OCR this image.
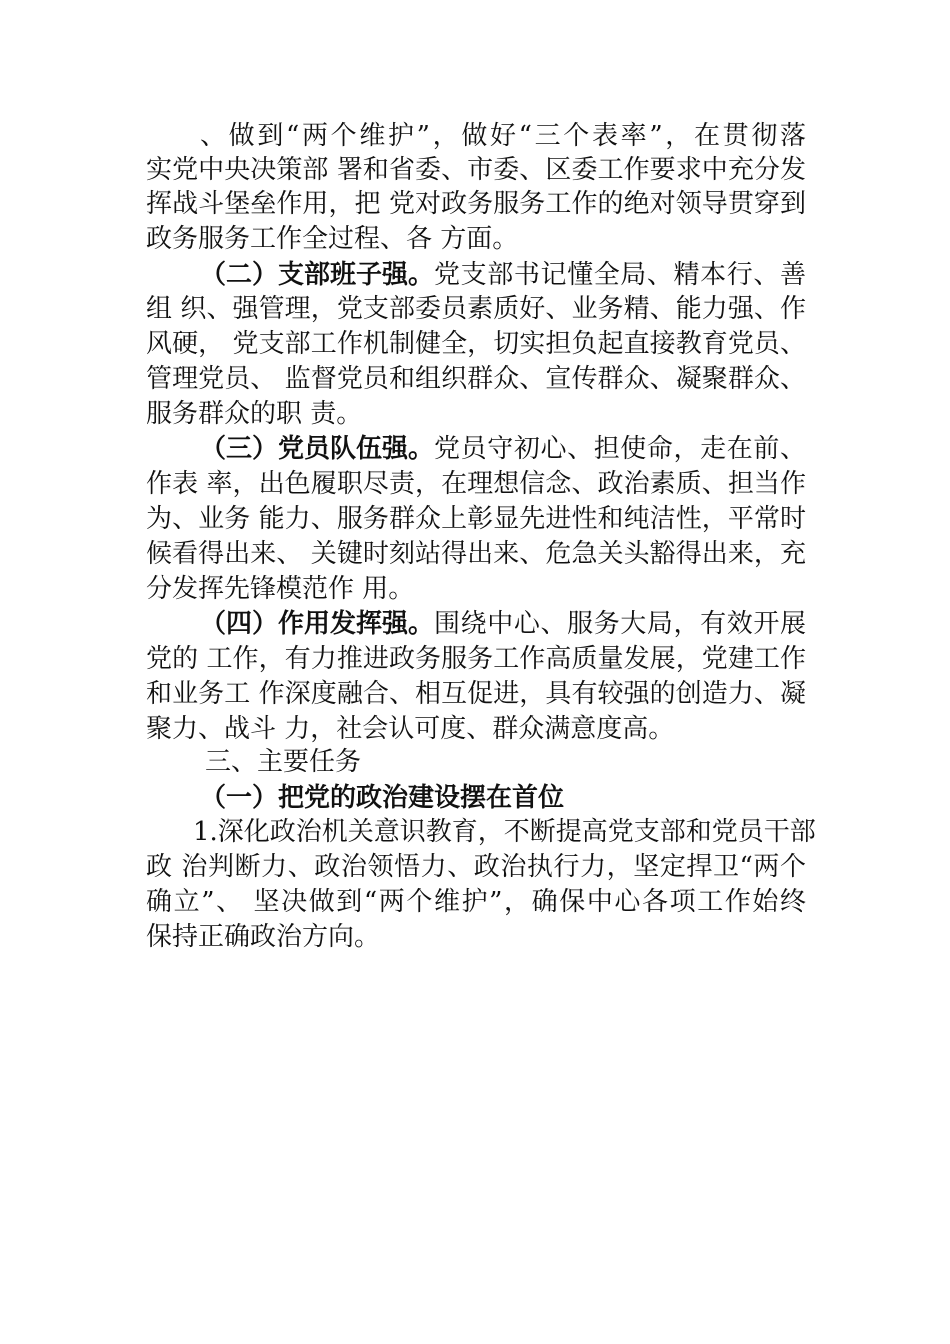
、做到“两个维护”，做好“三个表率”，在贯彻落
实党中央决策部 署和省委、市委、区委工作要求中充分发
挥战斗堡垒作用，把 党对政务服务工作的绝对领导贯穿到
政务服务工作全过程、各 方面。
（二）支部班子强。 党支部书记懂全局、精本行、善
组 织、强管理，党支部委员素质好、业务精、能力强、作
风硬， 党支部工作机制健全，切实担负起直接教育党员、
管理党员、 监督党员和组织群众、宣传群众、凝聚群众、
服务群众的职 责。
（三）党员队伍强。 党员守初心、担使命，走在前、
作表 率，出色履职尽责，在理想信念、政治素质、担当作
为、业务 能力、服务群众上彰显先进性和纯洁性，平常时
候看得出来、 关键时刻站得出来、危急关头豁得出来，充
分发挥先锋模范作 用。
（四）作用发挥强。 围绕中心、服务大局，有效开展
党的 工作，有力推进政务服务工作高质量发展，党建工作
和业务工 作深度融合、相互促进，具有较强的创造力、凝
聚力、战斗 力，社会认可度、群众满意度高。
三、主要任务
（一）把党的政治建设摆在首位
1.深化政治机关意识教育，不断提高党支部和党员干部
政 治判断力、政治领悟力、政治执行力，坚定捍卫“两个
确立”、 坚决做到“两个维护”，确保中心各项工作始终
保持正确政治方向。
